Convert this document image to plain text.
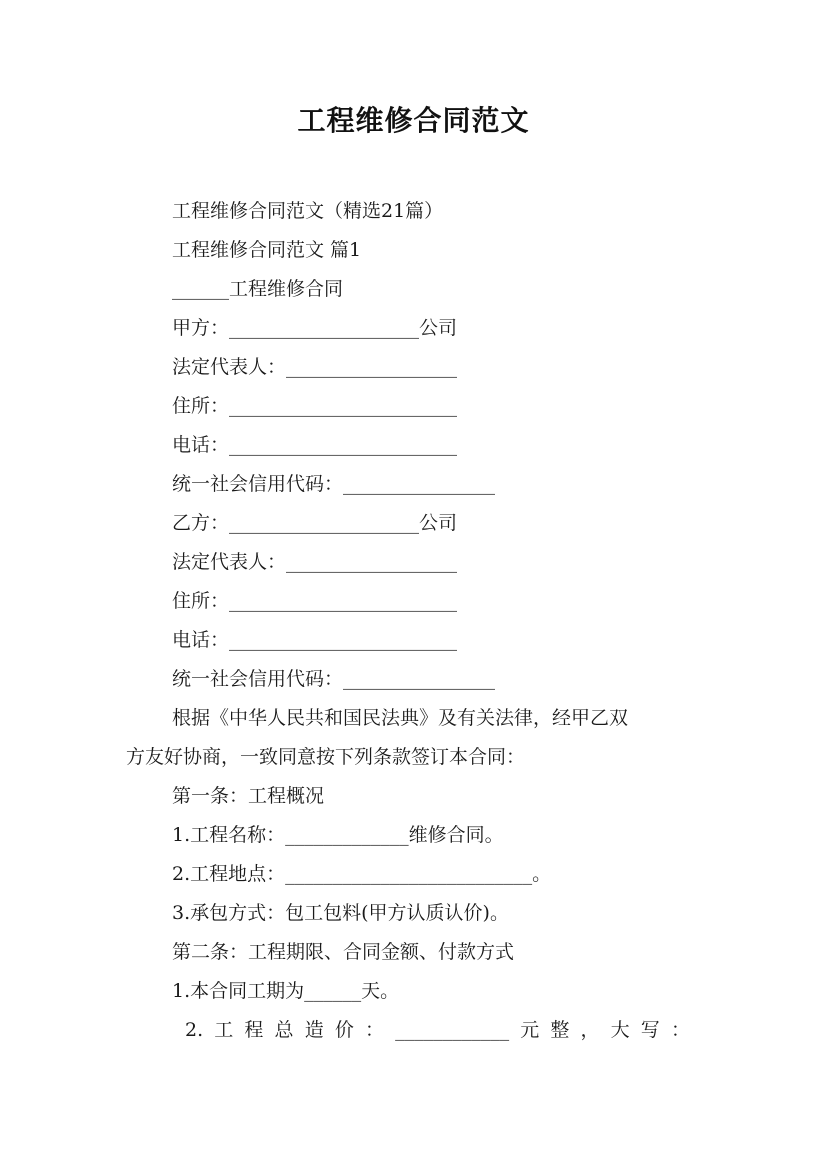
工程维修合同范文
工程维修合同范文（精选21篇）
工程维修合同范文 篇1
______工程维修合同
甲方：____________________公司
法定代表人：__________________
住所：________________________
电话：________________________
统一社会信用代码：________________
乙方：____________________公司
法定代表人：__________________
住所：________________________
电话：________________________
统一社会信用代码：________________
根据《中华人民共和国民法典》及有关法律，经甲乙双
方友好协商，一致同意按下列条款签订本合同：
第一条：工程概况
1.工程名称：_____________维修合同。
2.工程地点：__________________________。
3.承包方式：包工包料(甲方认质认价)。
第二条：工程期限、合同金额、付款方式
1.本合同工期为______天。
2. 工 程 总 造 价 ： ____________ 元 整 ， 大 写 ：
